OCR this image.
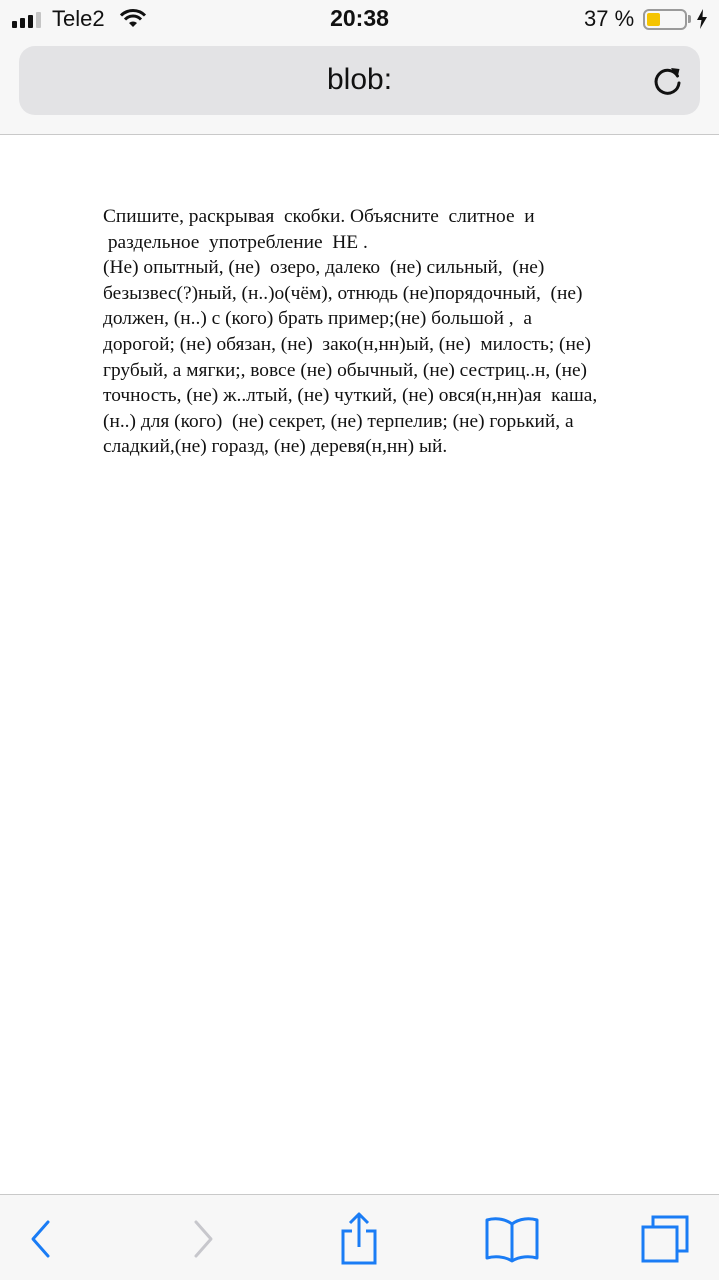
Tele2	20:38	37 %
blob:
Спишите, раскрывая  скобки. Объясните  слитное  и
раздельное  употребление  НЕ .
(Не) опытный, (не)  озеро, далеко  (не) сильный,  (не)
безызвес(?)ный, (н..)о(чём), отнюдь (не)порядочный,  (не)
должен, (н..) с (кого) брать пример;(не) большой ,  а
дорогой; (не) обязан, (не)  зако(н,нн)ый, (не)  милость; (не)
грубый, а мягки;, вовсе (не) обычный, (не) сестриц..н, (не)
точность, (не) ж..лтый, (не) чуткий, (не) овся(н,нн)ая  каша,
(н..) для (кого)  (не) секрет, (не) терпелив; (не) горький, а
сладкий,(не) горазд, (не) деревя(н,нн) ый.
